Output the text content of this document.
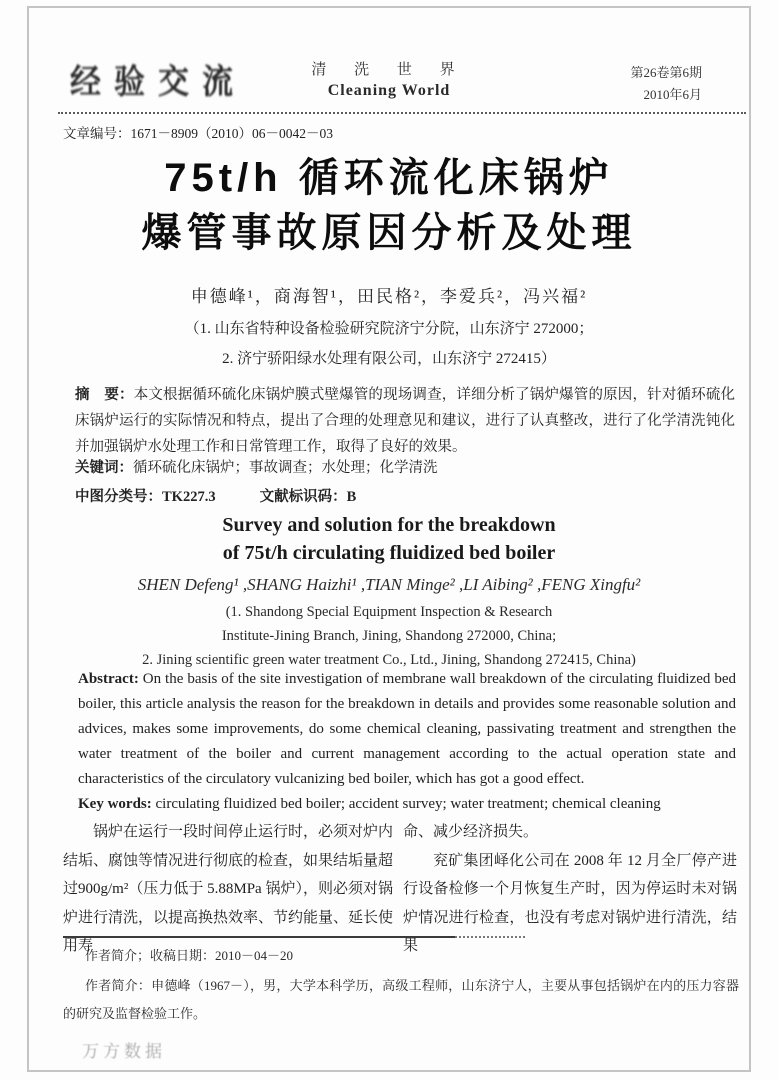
经验交流	清 洗 世 界
Cleaning World
第26卷第6期
2010年6月
文章编号：1671－8909（2010）06－0042－03
75t/h 循环流化床锅炉
爆管事故原因分析及处理
申德峰¹，商海智¹，田民格²，李爱兵²，冯兴福²
（1. 山东省特种设备检验研究院济宁分院，山东济宁 272000；
2. 济宁骄阳绿水处理有限公司，山东济宁 272415）
摘　要：本文根据循环硫化床锅炉膜式壁爆管的现场调查，详细分析了锅炉爆管的原因，针对循环硫化床锅炉运行的实际情况和特点，提出了合理的处理意见和建议，进行了认真整改，进行了化学清洗钝化并加强锅炉水处理工作和日常管理工作，取得了良好的效果。
关键词：循环硫化床锅炉；事故调查；水处理；化学清洗
中图分类号：TK227.3	文献标识码：B
Survey and solution for the breakdown
of 75t/h circulating fluidized bed boiler
SHEN Defeng¹ ,SHANG Haizhi¹ ,TIAN Minge² ,LI Aibing² ,FENG Xingfu²
(1. Shandong Special Equipment Inspection & Research
Institute-Jining Branch, Jining, Shandong 272000, China;
2. Jining scientific green water treatment Co., Ltd., Jining, Shandong 272415, China)

Abstract: On the basis of the site investigation of membrane wall breakdown of the circulating fluidized bed boiler, this article analysis the reason for the breakdown in details and provides some reasonable solution and advices, makes some improvements, do some chemical cleaning, passivating treatment and strengthen the water treatment of the boiler and current management according to the actual operation state and characteristics of the circulatory vulcanizing bed boiler, which has got a good effect.

Key words: circulating fluidized bed boiler; accident survey; water treatment; chemical cleaning

锅炉在运行一段时间停止运行时，必须对炉内结垢、腐蚀等情况进行彻底的检查，如果结垢量超过900g/m²（压力低于 5.88MPa 锅炉），则必须对锅炉进行清洗，以提高换热效率、节约能量、延长使用寿

命、减少经济损失。

兖矿集团峄化公司在 2008 年 12 月全厂停产进行设备检修一个月恢复生产时，因为停运时未对锅炉情况进行检查，也没有考虑对锅炉进行清洗，结果

作者简介；收稿日期：2010－04－20
作者简介：申德峰（1967－），男，大学本科学历，高级工程师，山东济宁人，主要从事包括锅炉在内的压力容器的研究及监督检验工作。
万方数据
